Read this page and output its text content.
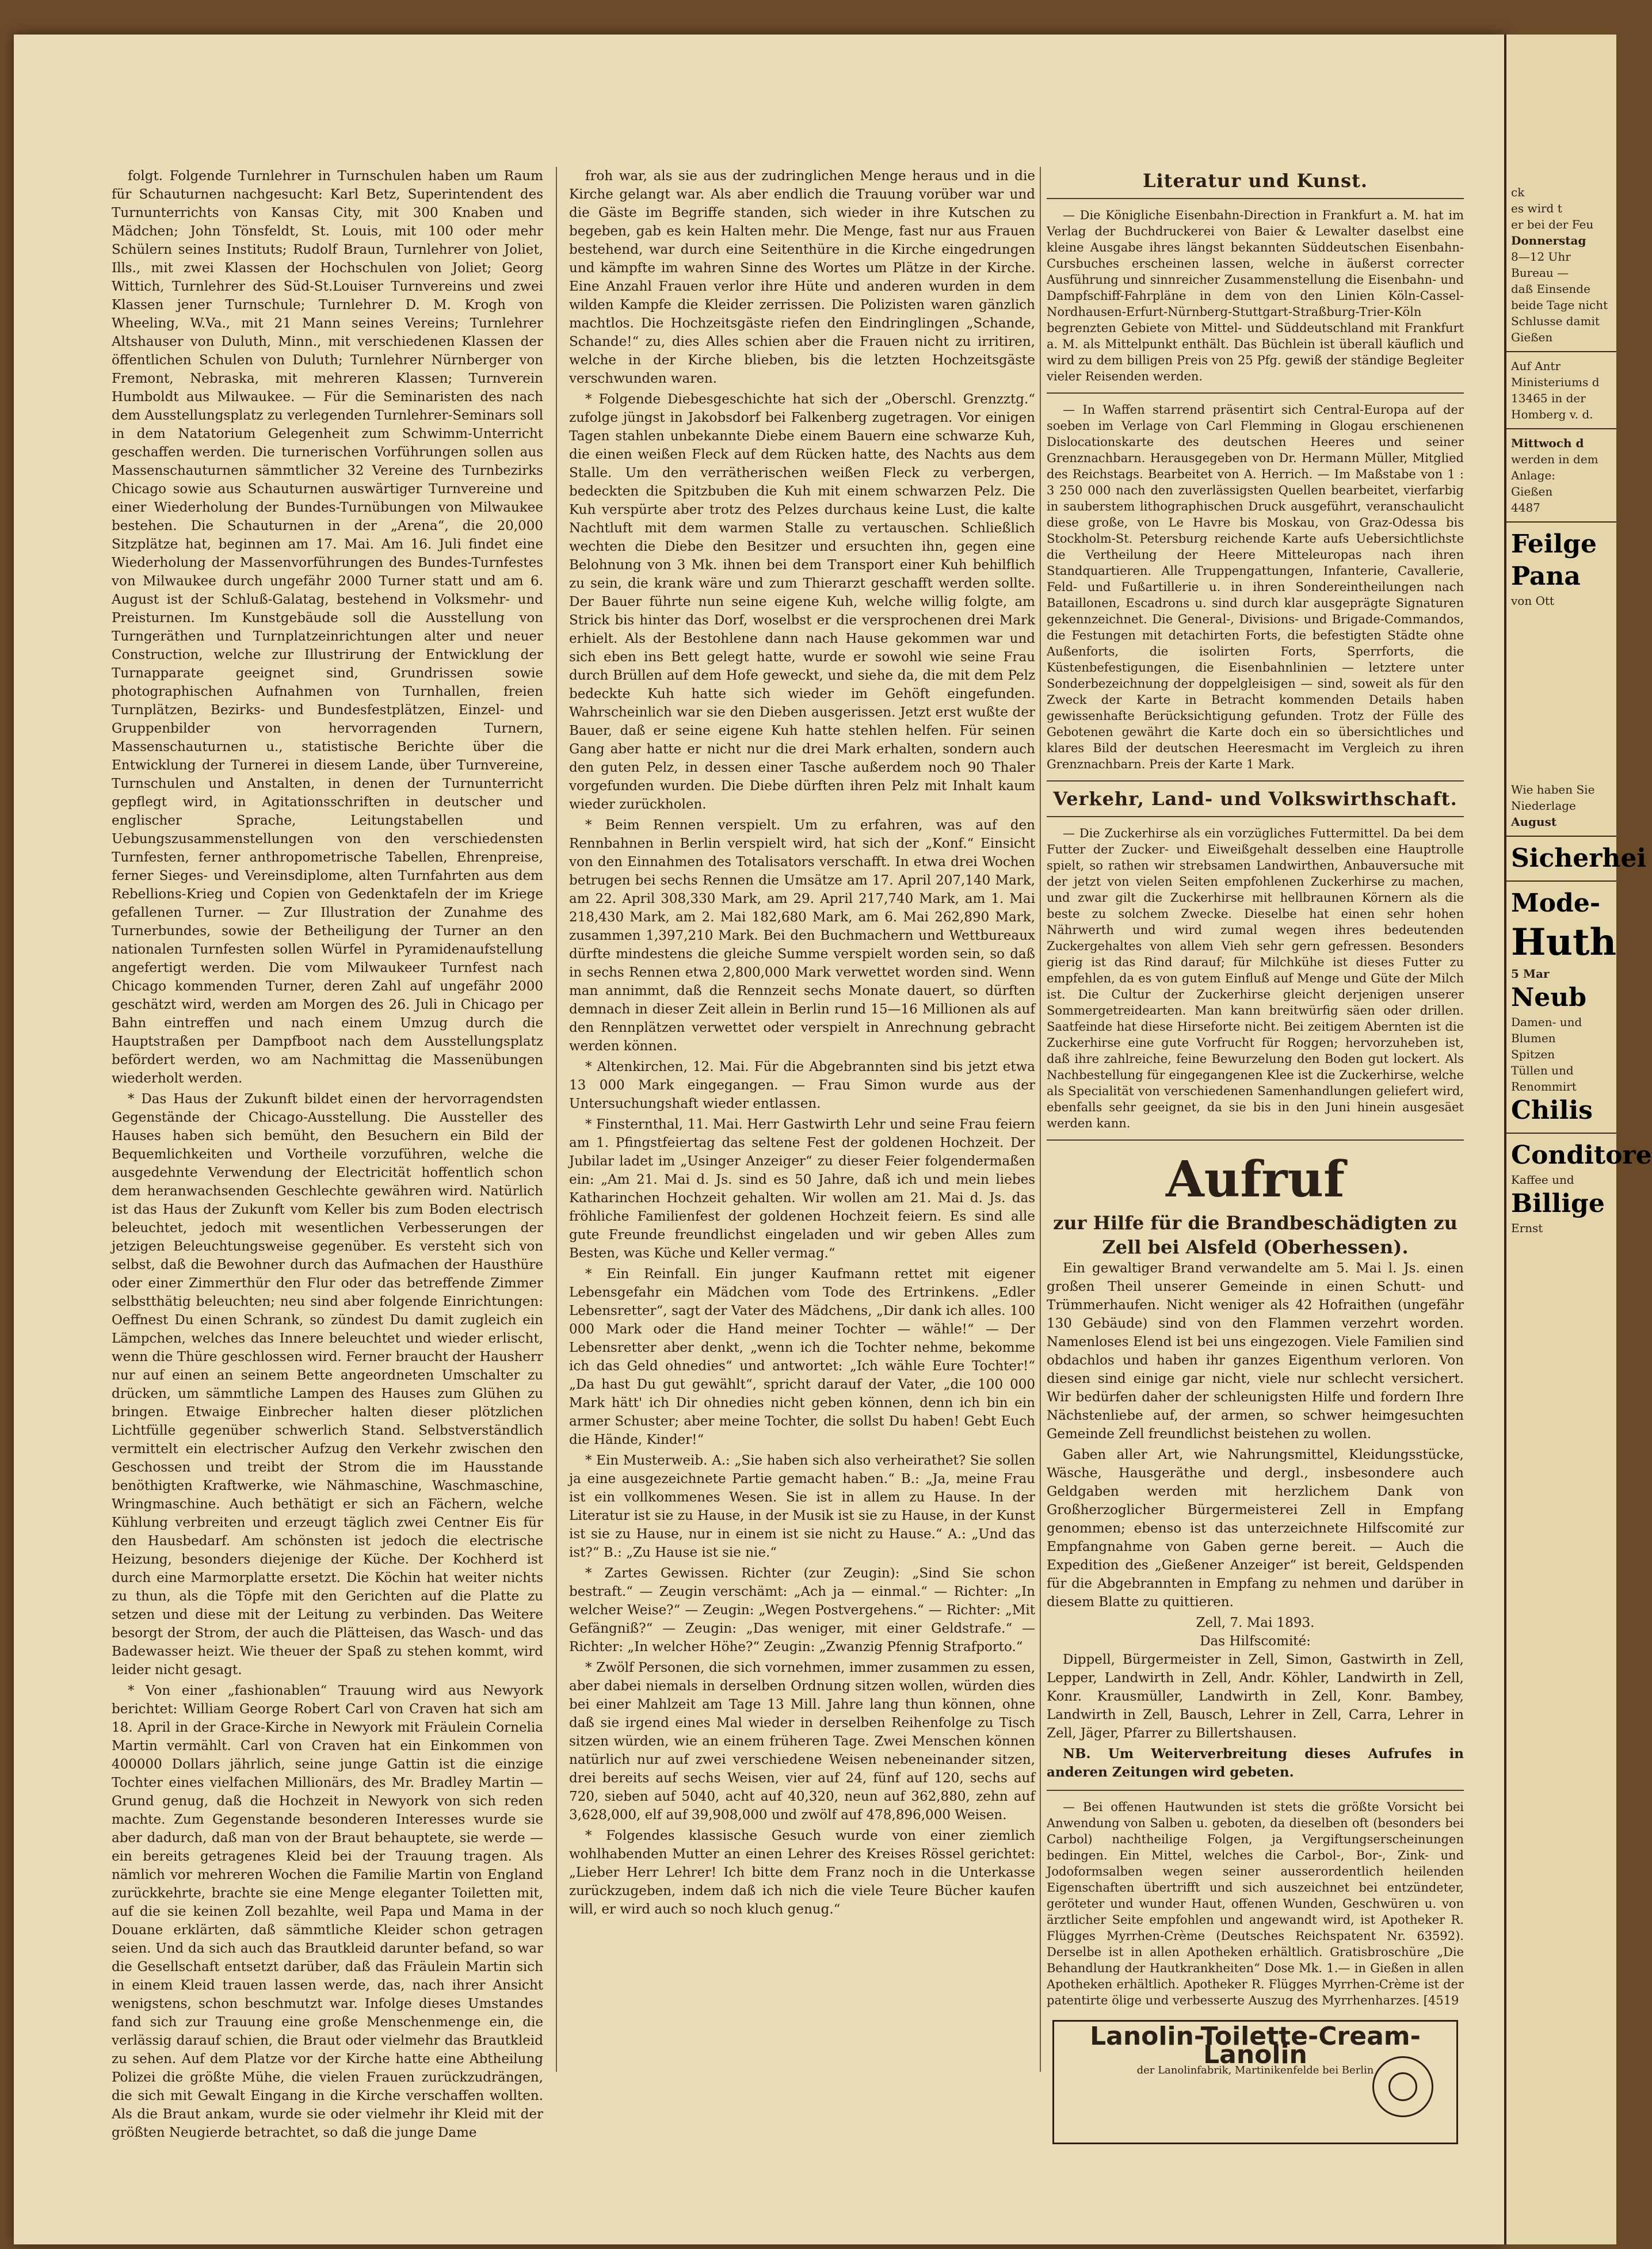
folgt. Folgende Turnlehrer in Turnschulen haben um Raum für Schauturnen nachgesucht: Karl Betz, Superintendent des Turnunterrichts von Kansas City, mit 300 Knaben und Mädchen; John Tönsfeldt, St. Louis, mit 100 oder mehr Schülern seines Instituts; Rudolf Braun, Turnlehrer von Joliet, Ills., mit zwei Klassen der Hochschulen von Joliet; Georg Wittich, Turnlehrer des Süd-St.Louiser Turnvereins und zwei Klassen jener Turnschule; Turnlehrer D. M. Krogh von Wheeling, W.Va., mit 21 Mann seines Vereins; Turnlehrer Altshauser von Duluth, Minn., mit verschiedenen Klassen der öffentlichen Schulen von Duluth; Turnlehrer Nürnberger von Fremont, Nebraska, mit mehreren Klassen; Turnverein Humboldt aus Milwaukee. — Für die Seminaristen des nach dem Ausstellungsplatz zu verlegenden Turnlehrer-Seminars soll in dem Natatorium Gelegenheit zum Schwimm-Unterricht geschaffen werden. Die turnerischen Vorführungen sollen aus Massenschauturnen sämmtlicher 32 Vereine des Turnbezirks Chicago sowie aus Schauturnen auswärtiger Turnvereine und einer Wiederholung der Bundes-Turnübungen von Milwaukee bestehen. Die Schauturnen in der „Arena“, die 20,000 Sitzplätze hat, beginnen am 17. Mai. Am 16. Juli findet eine Wiederholung der Massenvorführungen des Bundes-Turnfestes von Milwaukee durch ungefähr 2000 Turner statt und am 6. August ist der Schluß-Galatag, bestehend in Volksmehr- und Preisturnen. Im Kunstgebäude soll die Ausstellung von Turngeräthen und Turnplatzeinrichtungen alter und neuer Construction, welche zur Illustrirung der Entwicklung der Turnapparate geeignet sind, Grundrissen sowie photographischen Aufnahmen von Turnhallen, freien Turnplätzen, Bezirks- und Bundesfestplätzen, Einzel- und Gruppenbilder von hervorragenden Turnern, Massenschauturnen u., statistische Berichte über die Entwicklung der Turnerei in diesem Lande, über Turnvereine, Turnschulen und Anstalten, in denen der Turnunterricht gepflegt wird, in Agitationsschriften in deutscher und englischer Sprache, Leitungstabellen und Uebungszusammenstellungen von den verschiedensten Turnfesten, ferner anthropometrische Tabellen, Ehrenpreise, ferner Sieges- und Vereinsdiplome, alten Turnfahrten aus dem Rebellions-Krieg und Copien von Gedenktafeln der im Kriege gefallenen Turner. — Zur Illustration der Zunahme des Turnerbundes, sowie der Betheiligung der Turner an den nationalen Turnfesten sollen Würfel in Pyramidenaufstellung angefertigt werden. Die vom Milwaukeer Turnfest nach Chicago kommenden Turner, deren Zahl auf ungefähr 2000 geschätzt wird, werden am Morgen des 26. Juli in Chicago per Bahn eintreffen und nach einem Umzug durch die Hauptstraßen per Dampfboot nach dem Ausstellungsplatz befördert werden, wo am Nachmittag die Massenübungen wiederholt werden.

* Das Haus der Zukunft bildet einen der hervorragendsten Gegenstände der Chicago-Ausstellung. Die Aussteller des Hauses haben sich bemüht, den Besuchern ein Bild der Bequemlichkeiten und Vortheile vorzuführen, welche die ausgedehnte Verwendung der Electricität hoffentlich schon dem heranwachsenden Geschlechte gewähren wird. Natürlich ist das Haus der Zukunft vom Keller bis zum Boden electrisch beleuchtet, jedoch mit wesentlichen Verbesserungen der jetzigen Beleuchtungsweise gegenüber. Es versteht sich von selbst, daß die Bewohner durch das Aufmachen der Hausthüre oder einer Zimmerthür den Flur oder das betreffende Zimmer selbstthätig beleuchten; neu sind aber folgende Einrichtungen: Oeffnest Du einen Schrank, so zündest Du damit zugleich ein Lämpchen, welches das Innere beleuchtet und wieder erlischt, wenn die Thüre geschlossen wird. Ferner braucht der Hausherr nur auf einen an seinem Bette angeordneten Umschalter zu drücken, um sämmtliche Lampen des Hauses zum Glühen zu bringen. Etwaige Einbrecher halten dieser plötzlichen Lichtfülle gegenüber schwerlich Stand. Selbstverständlich vermittelt ein electrischer Aufzug den Verkehr zwischen den Geschossen und treibt der Strom die im Hausstande benöthigten Kraftwerke, wie Nähmaschine, Waschmaschine, Wringmaschine. Auch bethätigt er sich an Fächern, welche Kühlung verbreiten und erzeugt täglich zwei Centner Eis für den Hausbedarf. Am schönsten ist jedoch die electrische Heizung, besonders diejenige der Küche. Der Kochherd ist durch eine Marmorplatte ersetzt. Die Köchin hat weiter nichts zu thun, als die Töpfe mit den Gerichten auf die Platte zu setzen und diese mit der Leitung zu verbinden. Das Weitere besorgt der Strom, der auch die Plätteisen, das Wasch- und das Badewasser heizt. Wie theuer der Spaß zu stehen kommt, wird leider nicht gesagt.

* Von einer „fashionablen“ Trauung wird aus Newyork berichtet: William George Robert Carl von Craven hat sich am 18. April in der Grace-Kirche in Newyork mit Fräulein Cornelia Martin vermählt. Carl von Craven hat ein Einkommen von 400000 Dollars jährlich, seine junge Gattin ist die einzige Tochter eines vielfachen Millionärs, des Mr. Bradley Martin — Grund genug, daß die Hochzeit in Newyork von sich reden machte. Zum Gegenstande besonderen Interesses wurde sie aber dadurch, daß man von der Braut behauptete, sie werde — ein bereits getragenes Kleid bei der Trauung tragen. Als nämlich vor mehreren Wochen die Familie Martin von England zurückkehrte, brachte sie eine Menge eleganter Toiletten mit, auf die sie keinen Zoll bezahlte, weil Papa und Mama in der Douane erklärten, daß sämmtliche Kleider schon getragen seien. Und da sich auch das Brautkleid darunter befand, so war die Gesellschaft entsetzt darüber, daß das Fräulein Martin sich in einem Kleid trauen lassen werde, das, nach ihrer Ansicht wenigstens, schon beschmutzt war. Infolge dieses Umstandes fand sich zur Trauung eine große Menschenmenge ein, die verlässig darauf schien, die Braut oder vielmehr das Brautkleid zu sehen. Auf dem Platze vor der Kirche hatte eine Abtheilung Polizei die größte Mühe, die vielen Frauen zurückzudrängen, die sich mit Gewalt Eingang in die Kirche verschaffen wollten. Als die Braut ankam, wurde sie oder vielmehr ihr Kleid mit der größten Neugierde betrachtet, so daß die junge Dame

froh war, als sie aus der zudringlichen Menge heraus und in die Kirche gelangt war. Als aber endlich die Trauung vorüber war und die Gäste im Begriffe standen, sich wieder in ihre Kutschen zu begeben, gab es kein Halten mehr. Die Menge, fast nur aus Frauen bestehend, war durch eine Seitenthüre in die Kirche eingedrungen und kämpfte im wahren Sinne des Wortes um Plätze in der Kirche. Eine Anzahl Frauen verlor ihre Hüte und anderen wurden in dem wilden Kampfe die Kleider zerrissen. Die Polizisten waren gänzlich machtlos. Die Hochzeitsgäste riefen den Eindringlingen „Schande, Schande!“ zu, dies Alles schien aber die Frauen nicht zu irritiren, welche in der Kirche blieben, bis die letzten Hochzeitsgäste verschwunden waren.

* Folgende Diebesgeschichte hat sich der „Oberschl. Grenzztg.“ zufolge jüngst in Jakobsdorf bei Falkenberg zugetragen. Vor einigen Tagen stahlen unbekannte Diebe einem Bauern eine schwarze Kuh, die einen weißen Fleck auf dem Rücken hatte, des Nachts aus dem Stalle. Um den verrätherischen weißen Fleck zu verbergen, bedeckten die Spitzbuben die Kuh mit einem schwarzen Pelz. Die Kuh verspürte aber trotz des Pelzes durchaus keine Lust, die kalte Nachtluft mit dem warmen Stalle zu vertauschen. Schließlich wechten die Diebe den Besitzer und ersuchten ihn, gegen eine Belohnung von 3 Mk. ihnen bei dem Transport einer Kuh behilflich zu sein, die krank wäre und zum Thierarzt geschafft werden sollte. Der Bauer führte nun seine eigene Kuh, welche willig folgte, am Strick bis hinter das Dorf, woselbst er die versprochenen drei Mark erhielt. Als der Bestohlene dann nach Hause gekommen war und sich eben ins Bett gelegt hatte, wurde er sowohl wie seine Frau durch Brüllen auf dem Hofe geweckt, und siehe da, die mit dem Pelz bedeckte Kuh hatte sich wieder im Gehöft eingefunden. Wahrscheinlich war sie den Dieben ausgerissen. Jetzt erst wußte der Bauer, daß er seine eigene Kuh hatte stehlen helfen. Für seinen Gang aber hatte er nicht nur die drei Mark erhalten, sondern auch den guten Pelz, in dessen einer Tasche außerdem noch 90 Thaler vorgefunden wurden. Die Diebe dürften ihren Pelz mit Inhalt kaum wieder zurückholen.

* Beim Rennen verspielt. Um zu erfahren, was auf den Rennbahnen in Berlin verspielt wird, hat sich der „Konf.“ Einsicht von den Einnahmen des Totalisators verschafft. In etwa drei Wochen betrugen bei sechs Rennen die Umsätze am 17. April 207,140 Mark, am 22. April 308,330 Mark, am 29. April 217,740 Mark, am 1. Mai 218,430 Mark, am 2. Mai 182,680 Mark, am 6. Mai 262,890 Mark, zusammen 1,397,210 Mark. Bei den Buchmachern und Wettbureaux dürfte mindestens die gleiche Summe verspielt worden sein, so daß in sechs Rennen etwa 2,800,000 Mark verwettet worden sind. Wenn man annimmt, daß die Rennzeit sechs Monate dauert, so dürften demnach in dieser Zeit allein in Berlin rund 15—16 Millionen als auf den Rennplätzen verwettet oder verspielt in Anrechnung gebracht werden können.

* Altenkirchen, 12. Mai. Für die Abgebrannten sind bis jetzt etwa 13 000 Mark eingegangen. — Frau Simon wurde aus der Untersuchungshaft wieder entlassen.

* Finsternthal, 11. Mai. Herr Gastwirth Lehr und seine Frau feiern am 1. Pfingstfeiertag das seltene Fest der goldenen Hochzeit. Der Jubilar ladet im „Usinger Anzeiger“ zu dieser Feier folgendermaßen ein: „Am 21. Mai d. Js. sind es 50 Jahre, daß ich und mein liebes Katharinchen Hochzeit gehalten. Wir wollen am 21. Mai d. Js. das fröhliche Familienfest der goldenen Hochzeit feiern. Es sind alle gute Freunde freundlichst eingeladen und wir geben Alles zum Besten, was Küche und Keller vermag.“

* Ein Reinfall. Ein junger Kaufmann rettet mit eigener Lebensgefahr ein Mädchen vom Tode des Ertrinkens. „Edler Lebensretter“, sagt der Vater des Mädchens, „Dir dank ich alles. 100 000 Mark oder die Hand meiner Tochter — wähle!“ — Der Lebensretter aber denkt, „wenn ich die Tochter nehme, bekomme ich das Geld ohnedies“ und antwortet: „Ich wähle Eure Tochter!“ „Da hast Du gut gewählt“, spricht darauf der Vater, „die 100 000 Mark hätt' ich Dir ohnedies nicht geben können, denn ich bin ein armer Schuster; aber meine Tochter, die sollst Du haben! Gebt Euch die Hände, Kinder!“

* Ein Musterweib. A.: „Sie haben sich also verheirathet? Sie sollen ja eine ausgezeichnete Partie gemacht haben.“ B.: „Ja, meine Frau ist ein vollkommenes Wesen. Sie ist in allem zu Hause. In der Literatur ist sie zu Hause, in der Musik ist sie zu Hause, in der Kunst ist sie zu Hause, nur in einem ist sie nicht zu Hause.“ A.: „Und das ist?“ B.: „Zu Hause ist sie nie.“

* Zartes Gewissen. Richter (zur Zeugin): „Sind Sie schon bestraft.“ — Zeugin verschämt: „Ach ja — einmal.“ — Richter: „In welcher Weise?“ — Zeugin: „Wegen Postvergehens.“ — Richter: „Mit Gefängniß?“ — Zeugin: „Das weniger, mit einer Geldstrafe.“ — Richter: „In welcher Höhe?“ Zeugin: „Zwanzig Pfennig Strafporto.“

* Zwölf Personen, die sich vornehmen, immer zusammen zu essen, aber dabei niemals in derselben Ordnung sitzen wollen, würden dies bei einer Mahlzeit am Tage 13 Mill. Jahre lang thun können, ohne daß sie irgend eines Mal wieder in derselben Reihenfolge zu Tisch sitzen würden, wie an einem früheren Tage. Zwei Menschen können natürlich nur auf zwei verschiedene Weisen nebeneinander sitzen, drei bereits auf sechs Weisen, vier auf 24, fünf auf 120, sechs auf 720, sieben auf 5040, acht auf 40,320, neun auf 362,880, zehn auf 3,628,000, elf auf 39,908,000 und zwölf auf 478,896,000 Weisen.

* Folgendes klassische Gesuch wurde von einer ziemlich wohlhabenden Mutter an einen Lehrer des Kreises Rössel gerichtet: „Lieber Herr Lehrer! Ich bitte dem Franz noch in die Unterkasse zurückzugeben, indem daß ich nich die viele Teure Bücher kaufen will, er wird auch so noch kluch genug.“

Literatur und Kunst.

— Die Königliche Eisenbahn-Direction in Frankfurt a. M. hat im Verlag der Buchdruckerei von Baier & Lewalter daselbst eine kleine Ausgabe ihres längst bekannten Süddeutschen Eisenbahn-Cursbuches erscheinen lassen, welche in äußerst correcter Ausführung und sinnreicher Zusammenstellung die Eisenbahn- und Dampfschiff-Fahrpläne in dem von den Linien Köln-Cassel-Nordhausen-Erfurt-Nürnberg-Stuttgart-Straßburg-Trier-Köln begrenzten Gebiete von Mittel- und Süddeutschland mit Frankfurt a. M. als Mittelpunkt enthält. Das Büchlein ist überall käuflich und wird zu dem billigen Preis von 25 Pfg. gewiß der ständige Begleiter vieler Reisenden werden.

— In Waffen starrend präsentirt sich Central-Europa auf der soeben im Verlage von Carl Flemming in Glogau erschienenen Dislocationskarte des deutschen Heeres und seiner Grenznachbarn. Herausgegeben von Dr. Hermann Müller, Mitglied des Reichstags. Bearbeitet von A. Herrich. — Im Maßstabe von 1 : 3 250 000 nach den zuverlässigsten Quellen bearbeitet, vierfarbig in sauberstem lithographischen Druck ausgeführt, veranschaulicht diese große, von Le Havre bis Moskau, von Graz-Odessa bis Stockholm-St. Petersburg reichende Karte aufs Uebersichtlichste die Vertheilung der Heere Mitteleuropas nach ihren Standquartieren. Alle Truppengattungen, Infanterie, Cavallerie, Feld- und Fußartillerie u. in ihren Sondereintheilungen nach Bataillonen, Escadrons u. sind durch klar ausgeprägte Signaturen gekennzeichnet. Die General-, Divisions- und Brigade-Commandos, die Festungen mit detachirten Forts, die befestigten Städte ohne Außenforts, die isolirten Forts, Sperrforts, die Küstenbefestigungen, die Eisenbahnlinien — letztere unter Sonderbezeichnung der doppelgleisigen — sind, soweit als für den Zweck der Karte in Betracht kommenden Details haben gewissenhafte Berücksichtigung gefunden. Trotz der Fülle des Gebotenen gewährt die Karte doch ein so übersichtliches und klares Bild der deutschen Heeresmacht im Vergleich zu ihren Grenznachbarn. Preis der Karte 1 Mark.

Verkehr, Land- und Volkswirthschaft.

— Die Zuckerhirse als ein vorzügliches Futtermittel. Da bei dem Futter der Zucker- und Eiweißgehalt desselben eine Hauptrolle spielt, so rathen wir strebsamen Landwirthen, Anbauversuche mit der jetzt von vielen Seiten empfohlenen Zuckerhirse zu machen, und zwar gilt die Zuckerhirse mit hellbraunen Körnern als die beste zu solchem Zwecke. Dieselbe hat einen sehr hohen Nährwerth und wird zumal wegen ihres bedeutenden Zuckergehaltes von allem Vieh sehr gern gefressen. Besonders gierig ist das Rind darauf; für Milchkühe ist dieses Futter zu empfehlen, da es von gutem Einfluß auf Menge und Güte der Milch ist. Die Cultur der Zuckerhirse gleicht derjenigen unserer Sommergetreidearten. Man kann breitwürfig säen oder drillen. Saatfeinde hat diese Hirseforte nicht. Bei zeitigem Abernten ist die Zuckerhirse eine gute Vorfrucht für Roggen; hervorzuheben ist, daß ihre zahlreiche, feine Bewurzelung den Boden gut lockert. Als Nachbestellung für eingegangenen Klee ist die Zuckerhirse, welche als Specialität von verschiedenen Samenhandlungen geliefert wird, ebenfalls sehr geeignet, da sie bis in den Juni hinein ausgesäet werden kann.

Aufruf
zur Hilfe für die Brandbeschädigten zu Zell bei Alsfeld (Oberhessen).

Ein gewaltiger Brand verwandelte am 5. Mai l. Js. einen großen Theil unserer Gemeinde in einen Schutt- und Trümmerhaufen. Nicht weniger als 42 Hofraithen (ungefähr 130 Gebäude) sind von den Flammen verzehrt worden. Namenloses Elend ist bei uns eingezogen. Viele Familien sind obdachlos und haben ihr ganzes Eigenthum verloren. Von diesen sind einige gar nicht, viele nur schlecht versichert. Wir bedürfen daher der schleunigsten Hilfe und fordern Ihre Nächstenliebe auf, der armen, so schwer heimgesuchten Gemeinde Zell freundlichst beistehen zu wollen.

Gaben aller Art, wie Nahrungsmittel, Kleidungsstücke, Wäsche, Hausgeräthe und dergl., insbesondere auch Geldgaben werden mit herzlichem Dank von Großherzoglicher Bürgermeisterei Zell in Empfang genommen; ebenso ist das unterzeichnete Hilfscomité zur Empfangnahme von Gaben gerne bereit. — Auch die Expedition des „Gießener Anzeiger“ ist bereit, Geldspenden für die Abgebrannten in Empfang zu nehmen und darüber in diesem Blatte zu quittieren.

Zell, 7. Mai 1893.
Das Hilfscomité:

Dippell, Bürgermeister in Zell, Simon, Gastwirth in Zell, Lepper, Landwirth in Zell, Andr. Köhler, Landwirth in Zell, Konr. Krausmüller, Landwirth in Zell, Konr. Bambey, Landwirth in Zell, Bausch, Lehrer in Zell, Carra, Lehrer in Zell, Jäger, Pfarrer zu Billertshausen.

NB. Um Weiterverbreitung dieses Aufrufes in anderen Zeitungen wird gebeten.

— Bei offenen Hautwunden ist stets die größte Vorsicht bei Anwendung von Salben u. geboten, da dieselben oft (besonders bei Carbol) nachtheilige Folgen, ja Vergiftungserscheinungen bedingen. Ein Mittel, welches die Carbol-, Bor-, Zink- und Jodoformsalben wegen seiner ausserordentlich heilenden Eigenschaften übertrifft und sich auszeichnet bei entzündeter, geröteter und wunder Haut, offenen Wunden, Geschwüren u. von ärztlicher Seite empfohlen und angewandt wird, ist Apotheker R. Flügges Myrrhen-Crème (Deutsches Reichspatent Nr. 63592). Derselbe ist in allen Apotheken erhältlich. Gratisbroschüre „Die Behandlung der Hautkrankheiten“ Dose Mk. 1.— in Gießen in allen Apotheken erhältlich. Apotheker R. Flügges Myrrhen-Crème ist der patentirte ölige und verbesserte Auszug des Myrrhenharzes. [4519

Lanolin-Toilette-Cream-Lanolin
der Lanolinfabrik, Martinikenfelde bei Berlin
ck
es wird t
er bei der Feu
Donnerstag
8—12 Uhr
Bureau —
daß Einsende
beide Tage nicht
Schlusse damit
Gießen
Auf Antr
Ministeriums d
13465 in der
Homberg v. d.
Mittwoch d
werden in dem
Anlage:
Gießen
4487
Feilge
Pana
von Ott
Wie haben Sie
Niederlage
August
Sicherhei
Mode-
Huth
5 Mar
Neub
Damen- und
Blumen
Spitzen
Tüllen und
Renommirt
Chilis
Conditore
Kaffee und
Billige
Ernst
